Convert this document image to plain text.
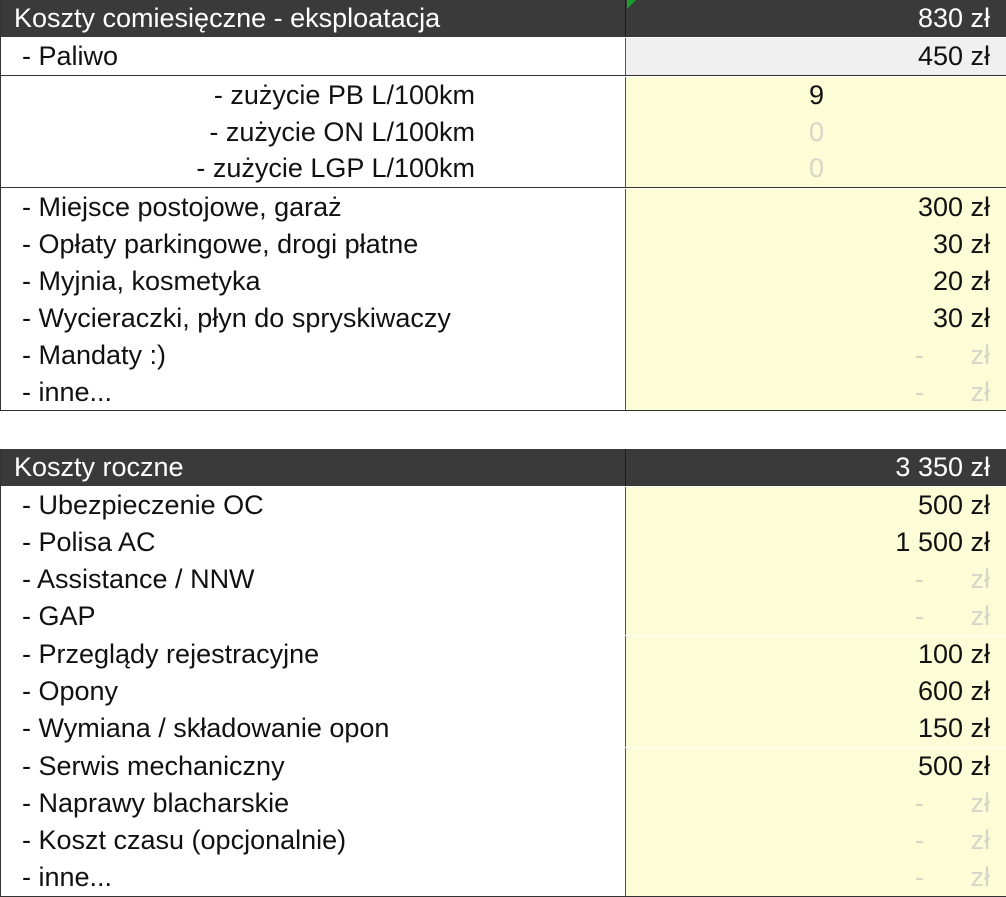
Koszty comiesięczne - eksploatacja	830 zł
- Paliwo	450 zł
- zużycie PB L/100km	9
- zużycie ON L/100km	0
- zużycie LGP L/100km	0
- Miejsce postojowe, garaż	300 zł
- Opłaty parkingowe, drogi płatne	30 zł
- Myjnia, kosmetyka	20 zł
- Wycieraczki, płyn do spryskiwaczy	30 zł
- Mandaty :)	- zł
- inne...	- zł
Koszty roczne	3 350 zł
- Ubezpieczenie OC	500 zł
- Polisa AC	1 500 zł
- Assistance / NNW	- zł
- GAP	- zł
- Przeglądy rejestracyjne	100 zł
- Opony	600 zł
- Wymiana / składowanie opon	150 zł
- Serwis mechaniczny	500 zł
- Naprawy blacharskie	- zł
- Koszt czasu (opcjonalnie)	- zł
- inne...	- zł
